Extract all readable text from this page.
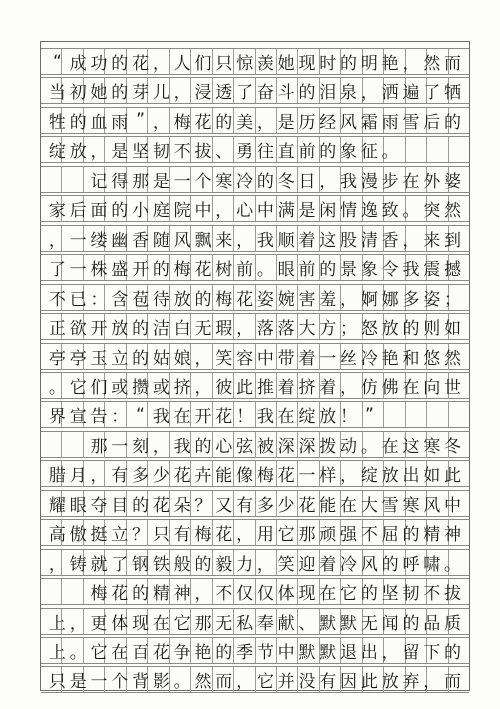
“ 成 功 的 花 ， 人 们 只 惊 羡 她 现 时 的 明 艳 ， 然 而
当 初 她 的 芽 儿 ， 浸 透 了 奋 斗 的 泪 泉 ， 洒 遍 了 牺
牲 的 血 雨 ” ， 梅 花 的 美 ， 是 历 经 风 霜 雨 雪 后 的
绽 放 ， 是 坚 韧 不 拔 、 勇 往 直 前 的 象 征 。

记 得 那 是 一 个 寒 冷 的 冬 日 ， 我 漫 步 在 外 婆
家 后 面 的 小 庭 院 中 ， 心 中 满 是 闲 情 逸 致 。 突 然
， 一 缕 幽 香 随 风 飘 来 ， 我 顺 着 这 股 清 香 ， 来 到
了 一 株 盛 开 的 梅 花 树 前 。 眼 前 的 景 象 令 我 震 撼
不 已 ： 含 苞 待 放 的 梅 花 姿 婉 害 羞 ， 婀 娜 多 姿 ；
正 欲 开 放 的 洁 白 无 瑕 ， 落 落 大 方 ； 怒 放 的 则 如
亭 亭 玉 立 的 姑 娘 ， 笑 容 中 带 着 一 丝 冷 艳 和 悠 然
。 它 们 或 攒 或 挤 ， 彼 此 推 着 挤 着 ， 仿 佛 在 向 世
界 宣 告 ： “ 我 在 开 花 ！ 我 在 绽 放 ！ ”

那 一 刻 ， 我 的 心 弦 被 深 深 拨 动 。 在 这 寒 冬
腊 月 ， 有 多 少 花 卉 能 像 梅 花 一 样 ， 绽 放 出 如 此
耀 眼 夺 目 的 花 朵 ？ 又 有 多 少 花 能 在 大 雪 寒 风 中
高 傲 挺 立 ？ 只 有 梅 花 ， 用 它 那 顽 强 不 屈 的 精 神
， 铸 就 了 钢 铁 般 的 毅 力 ， 笑 迎 着 冷 风 的 呼 啸 。

梅 花 的 精 神 ， 不 仅 仅 体 现 在 它 的 坚 韧 不 拔
上 ， 更 体 现 在 它 那 无 私 奉 献 、 默 默 无 闻 的 品 质
上 。 它 在 百 花 争 艳 的 季 节 中 默 默 退 出 ， 留 下 的
只 是 一 个 背 影 。 然 而 ， 它 并 没 有 因 此 放 弃 ， 而
